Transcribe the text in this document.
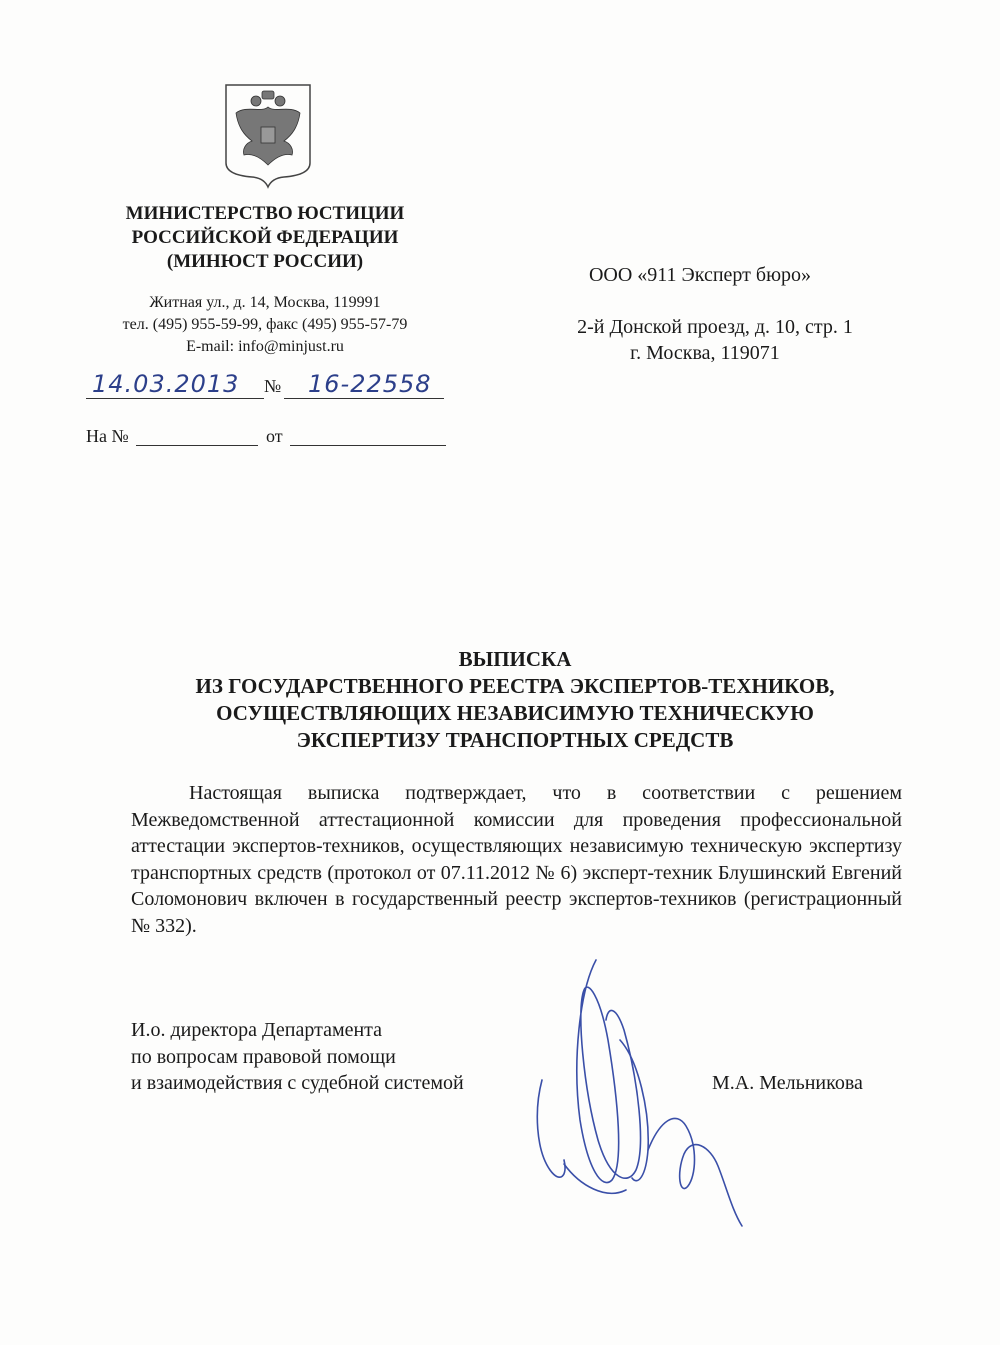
МИНИСТЕРСТВО ЮСТИЦИИ
РОССИЙСКОЙ ФЕДЕРАЦИИ
(МИНЮСТ РОССИИ)
Житная ул., д. 14, Москва, 119991
тел. (495) 955-59-99, факс (495) 955-57-79
E-mail: info@minjust.ru
14.03.2013 № 16-22558
На №	от
ООО «911 Эксперт бюро»
2-й Донской проезд, д. 10, стр. 1
г. Москва, 119071
ВЫПИСКА
ИЗ ГОСУДАРСТВЕННОГО РЕЕСТРА ЭКСПЕРТОВ-ТЕХНИКОВ,
ОСУЩЕСТВЛЯЮЩИХ НЕЗАВИСИМУЮ ТЕХНИЧЕСКУЮ
ЭКСПЕРТИЗУ ТРАНСПОРТНЫХ СРЕДСТВ
Настоящая выписка подтверждает, что в соответствии с решением Межведомственной аттестационной комиссии для проведения профессиональной аттестации экспертов-техников, осуществляющих независимую техническую экспертизу транспортных средств (протокол от 07.11.2012 № 6) эксперт-техник Блушинский Евгений Соломонович включен в государственный реестр экспертов-техников (регистрационный № 332).
И.о. директора Департамента
по вопросам правовой помощи
и взаимодействия с судебной системой	М.А. Мельникова
